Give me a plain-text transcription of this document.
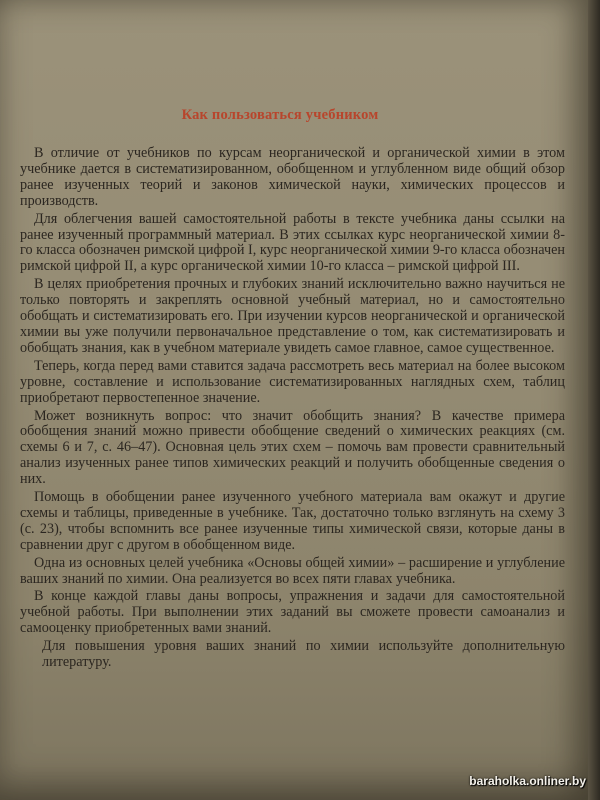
Как пользоваться учебником

В отличие от учебников по курсам неорганической и органической химии в этом учебнике дается в систематизированном, обобщенном и углубленном виде общий обзор ранее изученных теорий и законов химической науки, химических процессов и производств.

Для облегчения вашей самостоятельной работы в тексте учебника даны ссылки на ранее изученный программный материал. В этих ссылках курс неорганической химии 8-го класса обозначен римской цифрой I, курс неорганической химии 9-го класса обозначен римской цифрой II, а курс органической химии 10-го класса – римской цифрой III.

В целях приобретения прочных и глубоких знаний исключительно важно научиться не только повторять и закреплять основной учебный материал, но и самостоятельно обобщать и систематизировать его. При изучении курсов неорганической и органической химии вы уже получили первоначальное представление о том, как систематизировать и обобщать знания, как в учебном материале увидеть самое главное, самое существенное.

Теперь, когда перед вами ставится задача рассмотреть весь материал на более высоком уровне, составление и использование систематизированных наглядных схем, таблиц приобретают первостепенное значение.

Может возникнуть вопрос: что значит обобщить знания? В качестве примера обобщения знаний можно привести обобщение сведений о химических реакциях (см. схемы 6 и 7, с. 46–47). Основная цель этих схем – помочь вам провести сравнительный анализ изученных ранее типов химических реакций и получить обобщенные сведения о них.

Помощь в обобщении ранее изученного учебного материала вам окажут и другие схемы и таблицы, приведенные в учебнике. Так, достаточно только взглянуть на схему 3 (с. 23), чтобы вспомнить все ранее изученные типы химической связи, которые даны в сравнении друг с другом в обобщенном виде.

Одна из основных целей учебника «Основы общей химии» – расширение и углубление ваших знаний по химии. Она реализуется во всех пяти главах учебника.

В конце каждой главы даны вопросы, упражнения и задачи для самостоятельной учебной работы. При выполнении этих заданий вы сможете провести самоанализ и самооценку приобретенных вами знаний.

Для повышения уровня ваших знаний по химии используйте дополнительную литературу.

baraholka.onliner.by
